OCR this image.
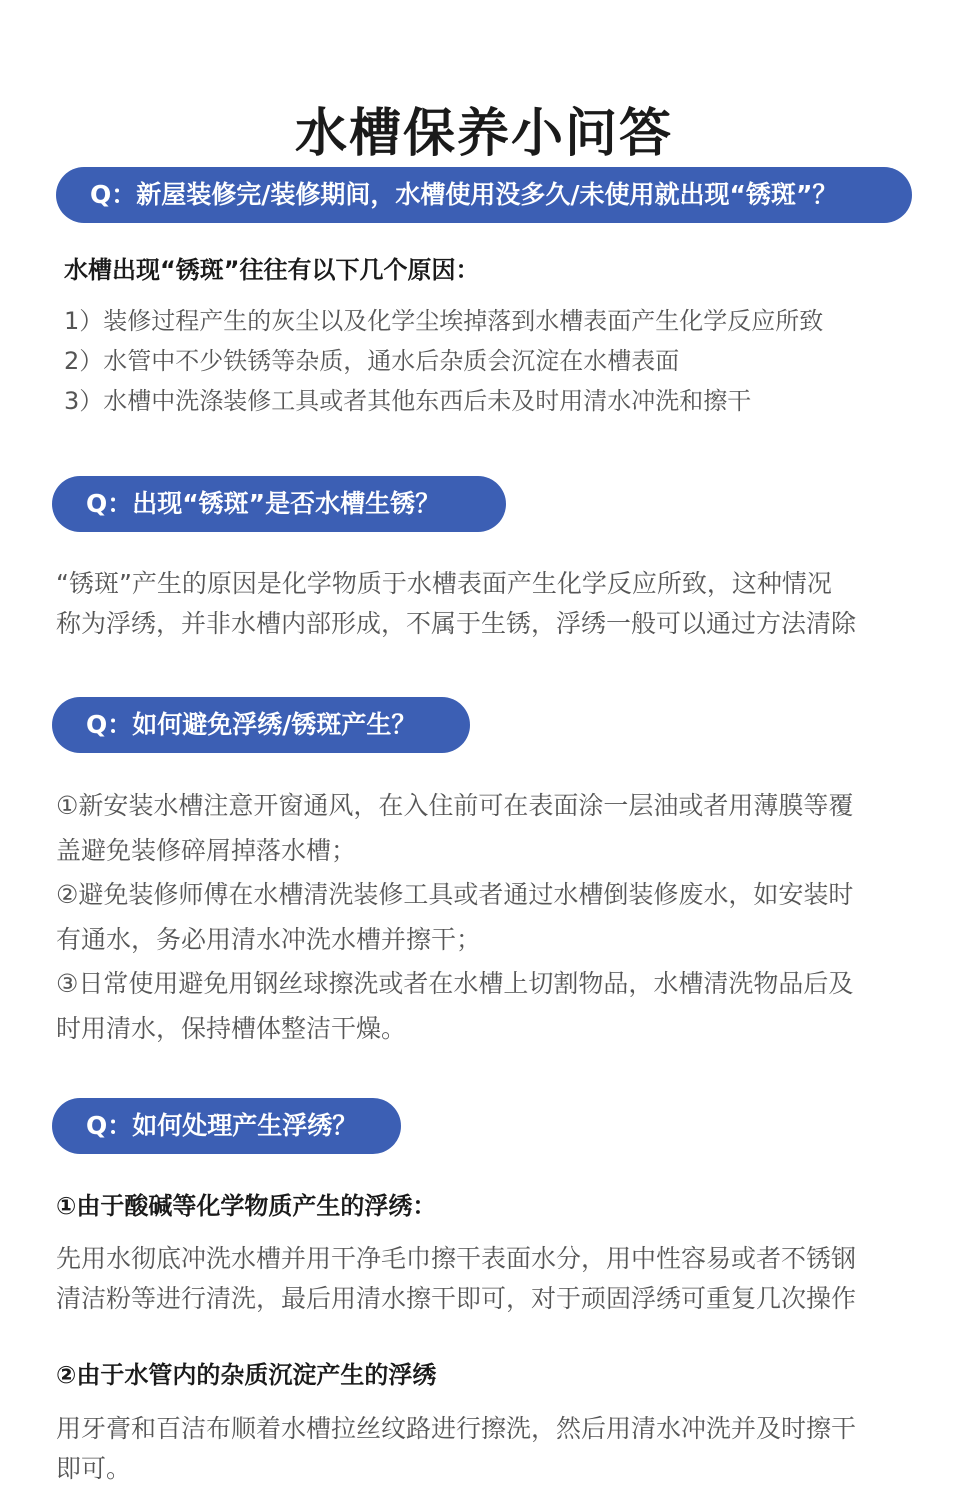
水槽保养小问答
Q：新屋装修完/装修期间，水槽使用没多久/未使用就出现“锈斑”？
水槽出现“锈斑”往往有以下几个原因：
1）装修过程产生的灰尘以及化学尘埃掉落到水槽表面产生化学反应所致
2）水管中不少铁锈等杂质，通水后杂质会沉淀在水槽表面
3）水槽中洗涤装修工具或者其他东西后未及时用清水冲洗和擦干
Q：出现“锈斑”是否水槽生锈？

“锈斑”产生的原因是化学物质于水槽表面产生化学反应所致，这种情况
称为浮绣，并非水槽内部形成，不属于生锈，浮绣一般可以通过方法清除

Q：如何避免浮绣/锈斑产生？
①新安装水槽注意开窗通风，在入住前可在表面涂一层油或者用薄膜等覆
盖避免装修碎屑掉落水槽；
②避免装修师傅在水槽清洗装修工具或者通过水槽倒装修废水，如安装时
有通水，务必用清水冲洗水槽并擦干；
③日常使用避免用钢丝球擦洗或者在水槽上切割物品，水槽清洗物品后及
时用清水，保持槽体整洁干燥。
Q：如何处理产生浮绣？
①由于酸碱等化学物质产生的浮绣：

先用水彻底冲洗水槽并用干净毛巾擦干表面水分，用中性容易或者不锈钢
清洁粉等进行清洗，最后用清水擦干即可，对于顽固浮绣可重复几次操作

②由于水管内的杂质沉淀产生的浮绣

用牙膏和百洁布顺着水槽拉丝纹路进行擦洗，然后用清水冲洗并及时擦干
即可。
